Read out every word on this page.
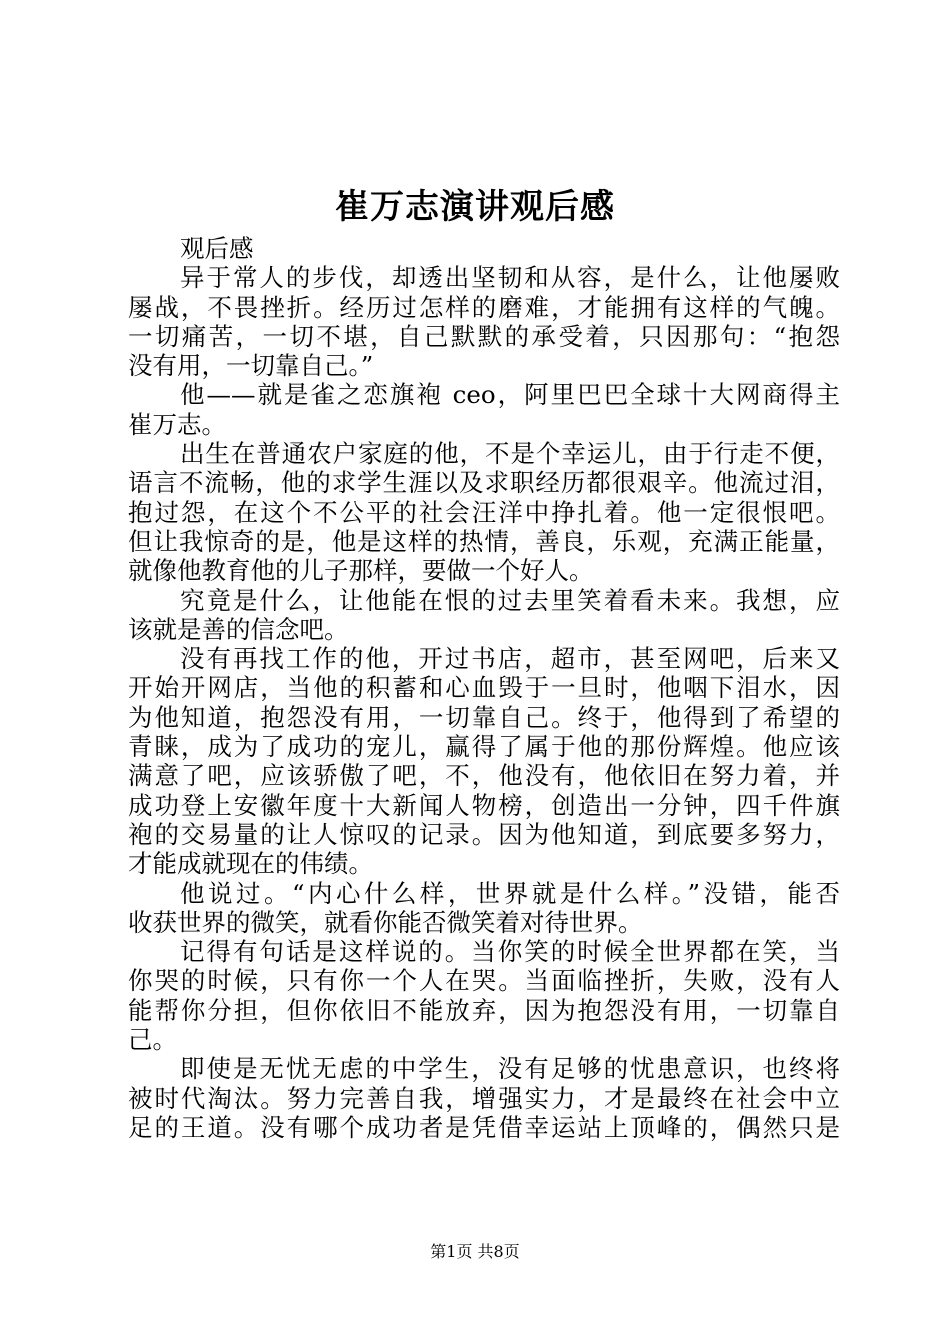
崔万志演讲观后感
观后感
异于常人的步伐，却透出坚韧和从容，是什么，让他屡败
屡战，不畏挫折。经历过怎样的磨难，才能拥有这样的气魄。
一切痛苦，一切不堪，自己默默的承受着，只因那句：“抱怨
没有用，一切靠自己。”
他——就是雀之恋旗袍 ceo，阿里巴巴全球十大网商得主
崔万志。
出生在普通农户家庭的他，不是个幸运儿，由于行走不便，
语言不流畅，他的求学生涯以及求职经历都很艰辛。他流过泪，
抱过怨，在这个不公平的社会汪洋中挣扎着。他一定很恨吧。
但让我惊奇的是，他是这样的热情，善良，乐观，充满正能量，
就像他教育他的儿子那样，要做一个好人。
究竟是什么，让他能在恨的过去里笑着看未来。我想，应
该就是善的信念吧。
没有再找工作的他，开过书店，超市，甚至网吧，后来又
开始开网店，当他的积蓄和心血毁于一旦时，他咽下泪水，因
为他知道，抱怨没有用，一切靠自己。终于，他得到了希望的
青睐，成为了成功的宠儿，赢得了属于他的那份辉煌。他应该
满意了吧，应该骄傲了吧，不，他没有，他依旧在努力着，并
成功登上安徽年度十大新闻人物榜，创造出一分钟，四千件旗
袍的交易量的让人惊叹的记录。因为他知道，到底要多努力，
才能成就现在的伟绩。
他说过。“内心什么样，世界就是什么样。”没错，能否
收获世界的微笑，就看你能否微笑着对待世界。
记得有句话是这样说的。当你笑的时候全世界都在笑，当
你哭的时候，只有你一个人在哭。当面临挫折，失败，没有人
能帮你分担，但你依旧不能放弃，因为抱怨没有用，一切靠自
己。
即使是无忧无虑的中学生，没有足够的忧患意识，也终将
被时代淘汰。努力完善自我，增强实力，才是最终在社会中立
足的王道。没有哪个成功者是凭借幸运站上顶峰的，偶然只是
第1页 共8页
